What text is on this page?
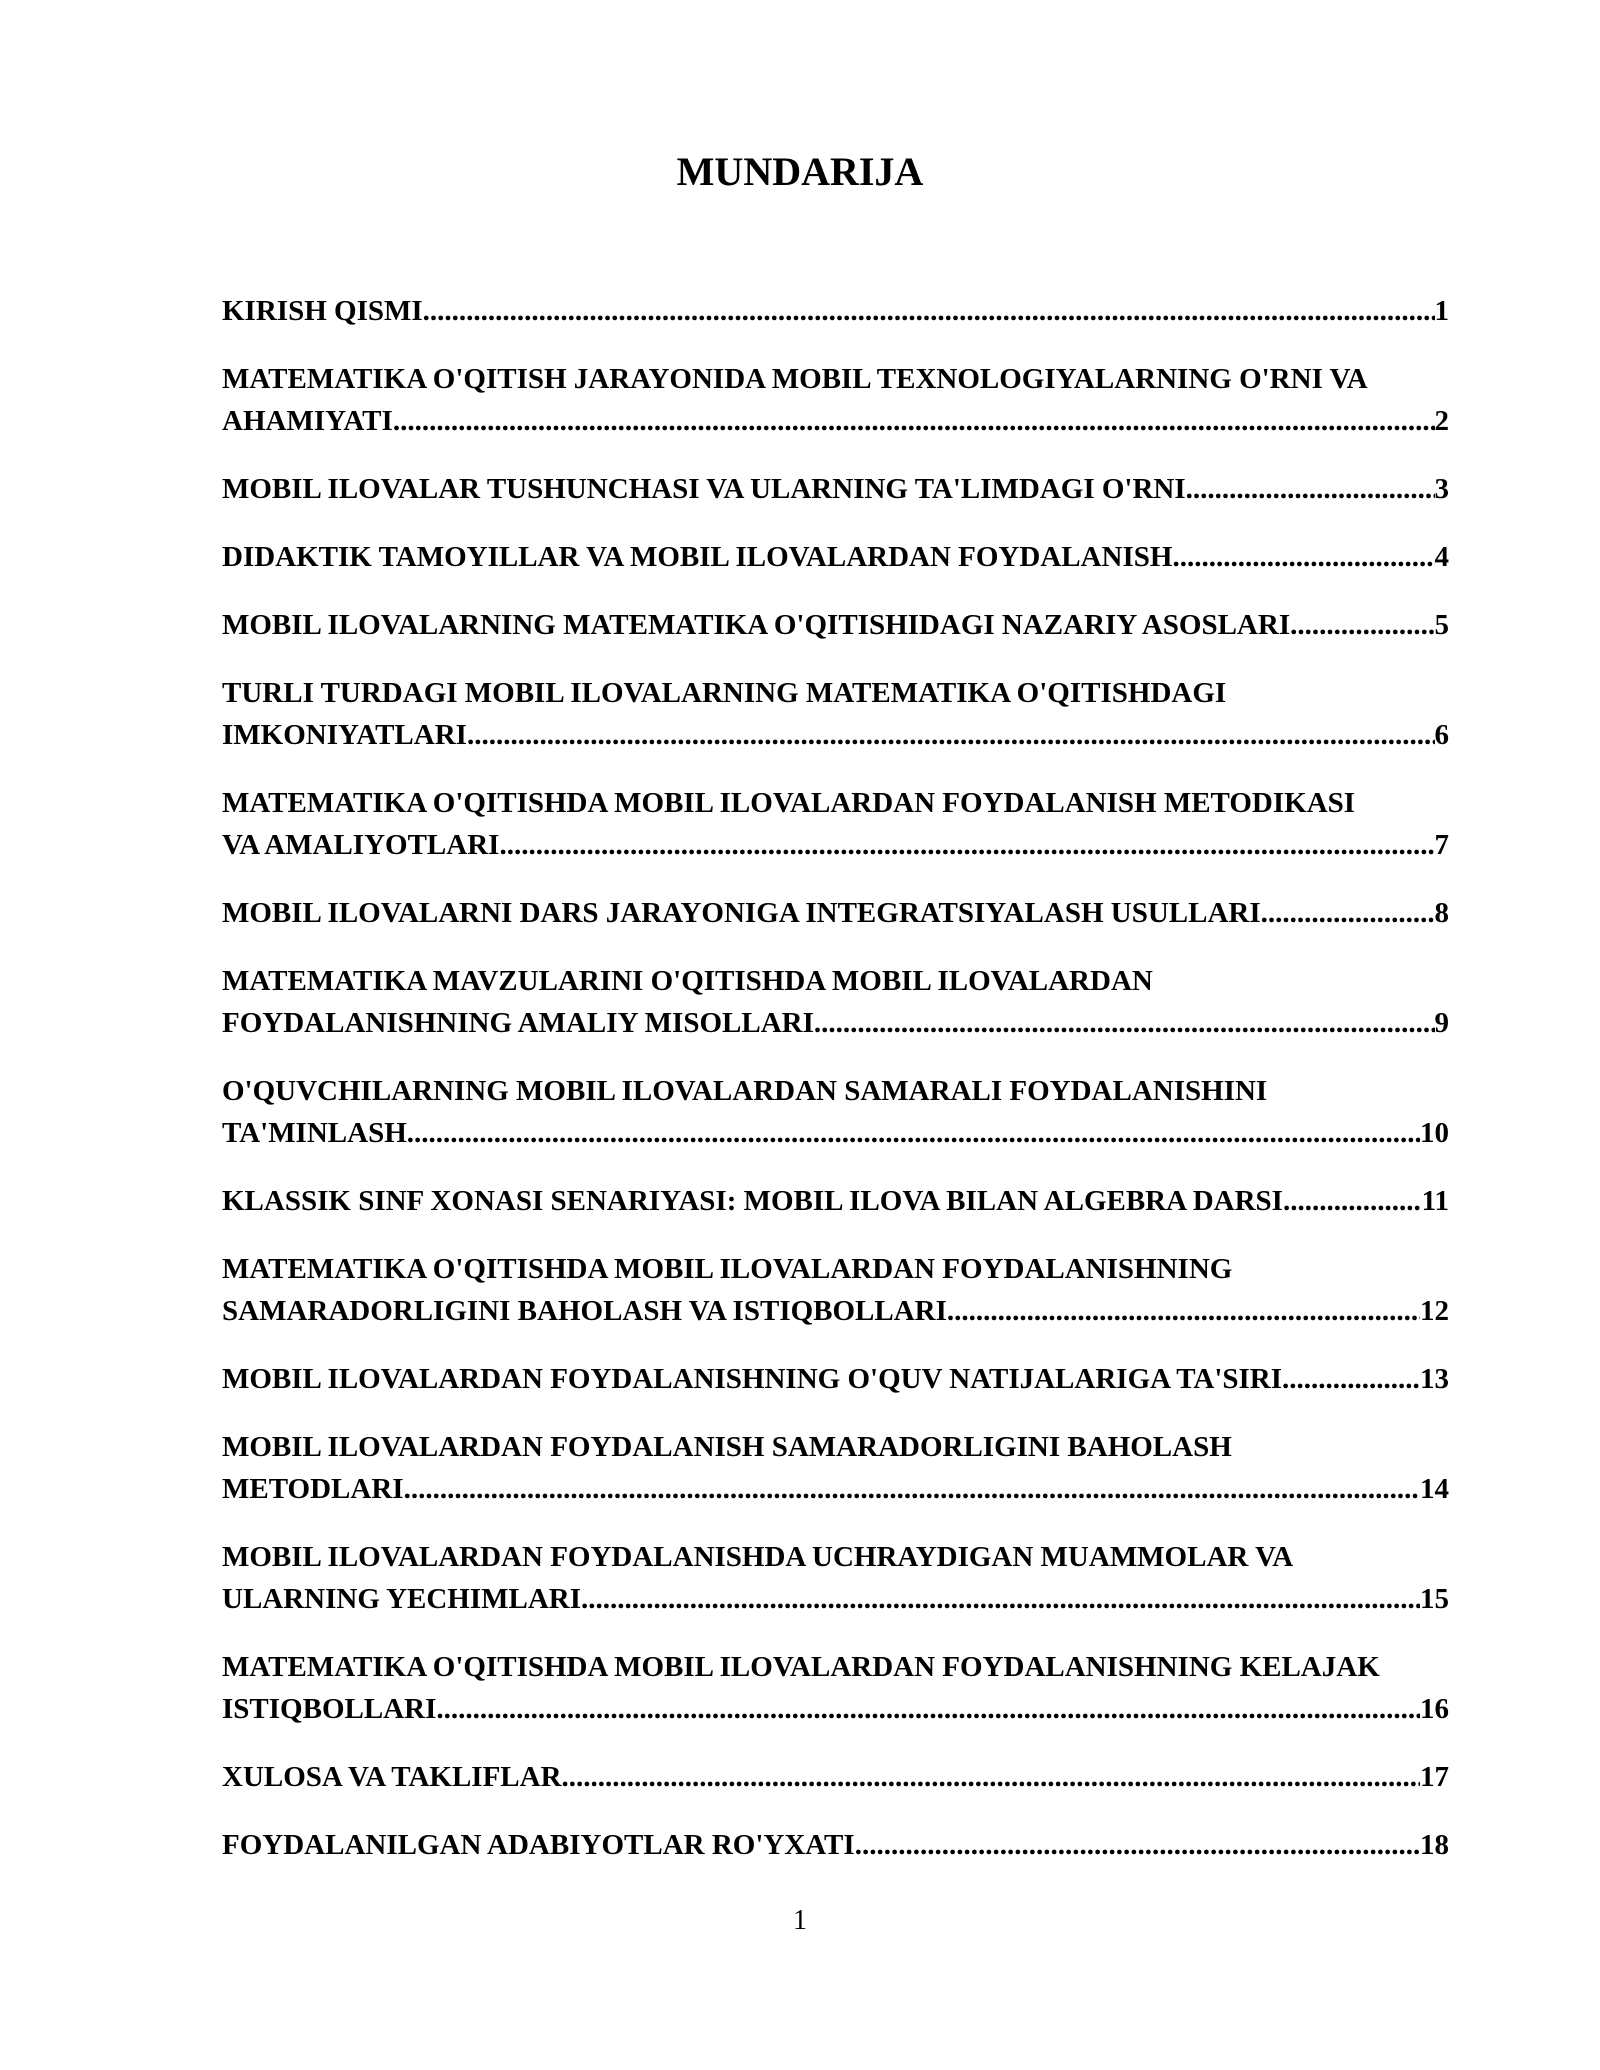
MUNDARIJA
KIRISH QISMI .....	1
MATEMATIKA O'QITISH JARAYONIDA MOBIL TEXNOLOGIYALARNING O'RNI VA
AHAMIYATI .....	2
MOBIL ILOVALAR TUSHUNCHASI VA ULARNING TA'LIMDAGI O'RNI .....	3
DIDAKTIK TAMOYILLAR VA MOBIL ILOVALARDAN FOYDALANISH .....	4
MOBIL ILOVALARNING MATEMATIKA O'QITISHIDAGI NAZARIY ASOSLARI .....	5
TURLI TURDAGI MOBIL ILOVALARNING MATEMATIKA O'QITISHDAGI
IMKONIYATLARI .....	6
MATEMATIKA O'QITISHDA MOBIL ILOVALARDAN FOYDALANISH METODIKASI
VA AMALIYOTLARI .....	7
MOBIL ILOVALARNI DARS JARAYONIGA INTEGRATSIYALASH USULLARI .....	8
MATEMATIKA MAVZULARINI O'QITISHDA MOBIL ILOVALARDAN
FOYDALANISHNING AMALIY MISOLLARI .....	9
O'QUVCHILARNING MOBIL ILOVALARDAN SAMARALI FOYDALANISHINI
TA'MINLASH .....	10
KLASSIK SINF XONASI SENARIYASI: MOBIL ILOVA BILAN ALGEBRA DARSI .....	11
MATEMATIKA O'QITISHDA MOBIL ILOVALARDAN FOYDALANISHNING
SAMARADORLIGINI BAHOLASH VA ISTIQBOLLARI .....	12
MOBIL ILOVALARDAN FOYDALANISHNING O'QUV NATIJALARIGA TA'SIRI .....	13
MOBIL ILOVALARDAN FOYDALANISH SAMARADORLIGINI BAHOLASH
METODLARI .....	14
MOBIL ILOVALARDAN FOYDALANISHDA UCHRAYDIGAN MUAMMOLAR VA
ULARNING YECHIMLARI .....	15
MATEMATIKA O'QITISHDA MOBIL ILOVALARDAN FOYDALANISHNING KELAJAK
ISTIQBOLLARI .....	16
XULOSA VA TAKLIFLAR .....	17
FOYDALANILGAN ADABIYOTLAR RO'YXATI .....	18
1
